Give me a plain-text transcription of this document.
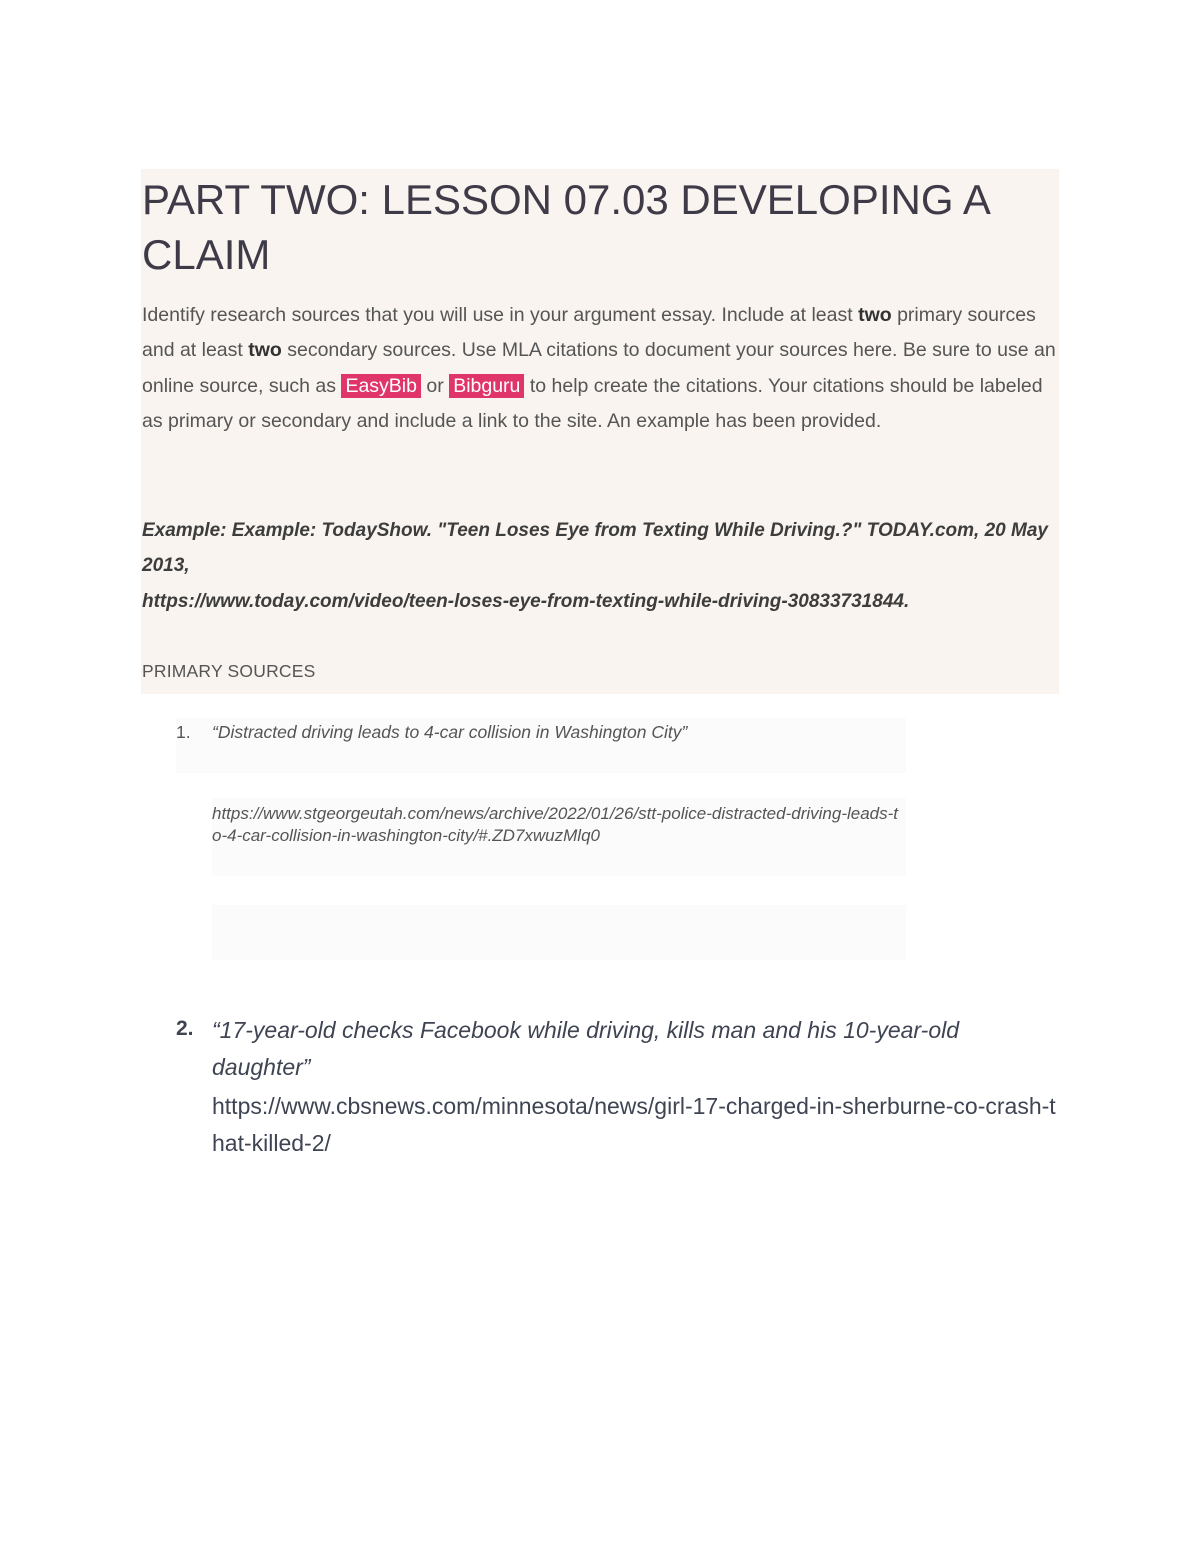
PART TWO: LESSON 07.03 DEVELOPING A CLAIM

Identify research sources that you will use in your argument essay. Include at least two primary sources and at least two secondary sources. Use MLA citations to document your sources here. Be sure to use an online source, such as EasyBib or Bibguru to help create the citations. Your citations should be labeled as primary or secondary and include a link to the site. An example has been provided.

Example: Example: TodayShow. "Teen Loses Eye from Texting While Driving.?" TODAY.com, 20 May 2013,
https://www.today.com/video/teen-loses-eye-from-texting-while-driving-30833731844.

PRIMARY SOURCES
1. “Distracted driving leads to 4-car collision in Washington City”

https://www.stgeorgeutah.com/news/archive/2022/01/26/stt-police-distracted-driving-leads-to-4-car-collision-in-washington-city/#.ZD7xwuzMlq0

2. “17-year-old checks Facebook while driving, kills man and his 10-year-old daughter”

https://www.cbsnews.com/minnesota/news/girl-17-charged-in-sherburne-co-crash-that-killed-2/
